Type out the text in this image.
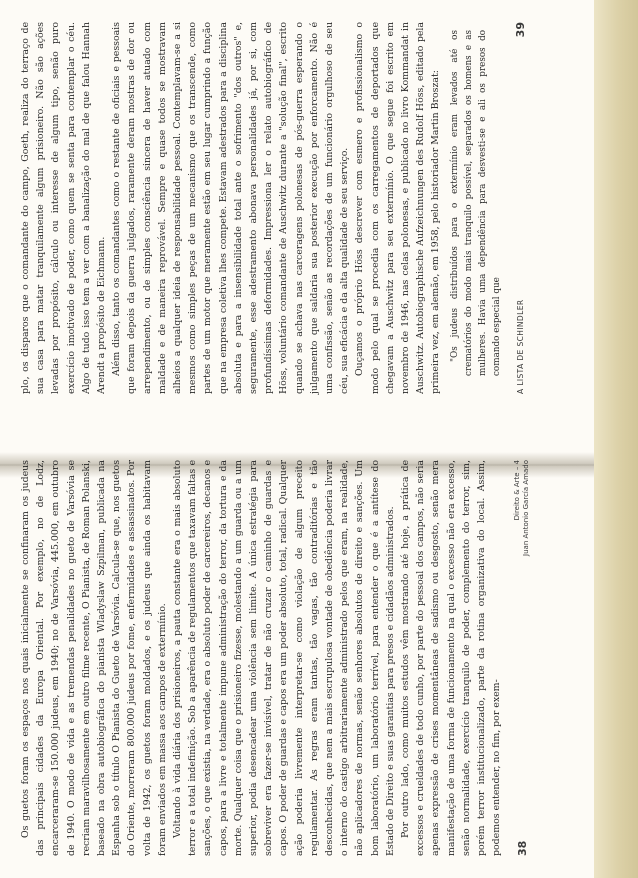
Os guetos foram os espaços nos quais inicialmente se confinaram os judeus das principais cidades da Europa Oriental. Por exemplo, no de Lodz, encarceraram-se 150.000 judeus, em 1940; no de Varsóvia, 445.000, em outubro de 1940. O modo de vida e as tremendas penalidades no gueto de Varsóvia se recriam maravilhosamente em outro filme recente, O Pianista, de Roman Polanski, baseado na obra autobiográfica do pianista Wladyslaw Szpilman, publicada na Espanha sob o título O Pianista do Gueto de Varsóvia. Calcula-se que, nos guetos do Oriente, morreram 800.000 judeus por fome, enfermidades e assassinatos. Por volta de 1942, os guetos foram moldados, e os judeus que ainda os habitavam foram enviados em massa aos campos de extermínio. Voltando à vida diária dos prisioneiros, a pauta constante era o mais absoluto terror e a total indefinição. Sob a aparência de regulamentos que taxavam faltas e sanções, o que existia, na verdade, era o absoluto poder de carcereiros, decanos e capos, para a livre e totalmente impune administração do terror, da tortura e da morte. Qualquer coisa que o prisioneiro fizesse, molestando a um guarda ou a um superior, podia desencadear uma violência sem limite. A única estratégia para sobreviver era fazer-se invisível, tratar de não cruzar o caminho de guardas e capos. O poder de guardas e capos era um poder absoluto, total, radical. Qualquer ação poderia livremente interpretar-se como violação de algum preceito regulamentar. As regras eram tantas, tão vagas, tão contraditórias e tão desconhecidas, que nem a mais escrupulosa vontade de obediência poderia livrar o interno do castigo arbitrariamente administrado pelos que eram, na realidade, não aplicadores de normas, senão senhores absolutos de direito e sanções. Um bom laboratório, um laboratório terrível, para entender o que é a antítese do Estado de Direito e suas garantias para presos e cidadãos administrados. Por outro lado, como muitos estudos vêm mostrando até hoje, a prática de excessos e crueldades de todo cunho, por parte do pessoal dos campos, não seria apenas expressão de crises momentâneas de sadismo ou desgosto, senão mera manifestação de uma forma de funcionamento na qual o excesso não era excesso, senão normalidade, exercício tranquilo de poder, complemento do terror, sim, porém terror institucionalizado, parte da rotina organizativa do local. Assim, podemos entender, no fim, por exem- 38
Direito & Arte – 4 Juan Antonio García Amado

plo, os disparos que o comandante do campo, Goeth, realiza do terraço de sua casa para matar tranquilamente algum prisioneiro. Não são ações levadas por propósito, cálculo ou interesse de algum tipo, senão puro exercício imotivado de poder, como quem se senta para contemplar o céu. Algo de tudo isso tem a ver com a banalização do mal de que falou Hannah Arendt a propósito de Eichmann. Além disso, tanto os comandantes como o restante de oficiais e pessoais que foram depois da guerra julgados, raramente deram mostras de dor ou arrependimento, ou de simples consciência sincera de haver atuado com maldade e de maneira reprovável. Sempre e quase todos se mostravam alheios a qualquer ideia de responsabilidade pessoal. Contemplavam-se a si mesmos como simples peças de um mecanismo que os transcende, como partes de um motor que meramente estão em seu lugar cumprindo a função que na empresa coletiva lhes compete. Estavam adestrados para a disciplina absoluta e para a insensibilidade total ante o sofrimento "dos outros" e, seguramente, esse adestramento abonava personalidades já, por si, com profundíssimas deformidades. Impressiona ler o relato autobiográfico de Höss, voluntário comandante de Auschwitz durante a "solução final", escrito quando se achava nas carceragens polonesas de pós-guerra esperando o julgamento que saldaria sua posterior execução por enforcamento. Não é uma confissão, senão as recordações de um funcionário orgulhoso de seu céu, sua eficácia e da alta qualidade de seu serviço. Ouçamos o próprio Höss descrever com esmero e profissionalismo o modo pelo qual se procedia com os carregamentos de deportados que chegavam a Auschwitz para seu extermínio. O que segue foi escrito em novembro de 1946, nas celas polonesas, e publicado no livro Kommandat in Auschwitz. Autobiographische Aufzeichnungen des Rudolf Höss, editado pela primeira vez, em alemão, em 1958, pelo historiador Martin Broszat: "Os judeus distribuídos para o extermínio eram levados até os crematórios do modo mais tranquilo possível, separados os homens e as mulheres. Havia uma dependência para desvesti-se e ali os presos do comando especial que	A LISTA DE SCHINDLER
39
